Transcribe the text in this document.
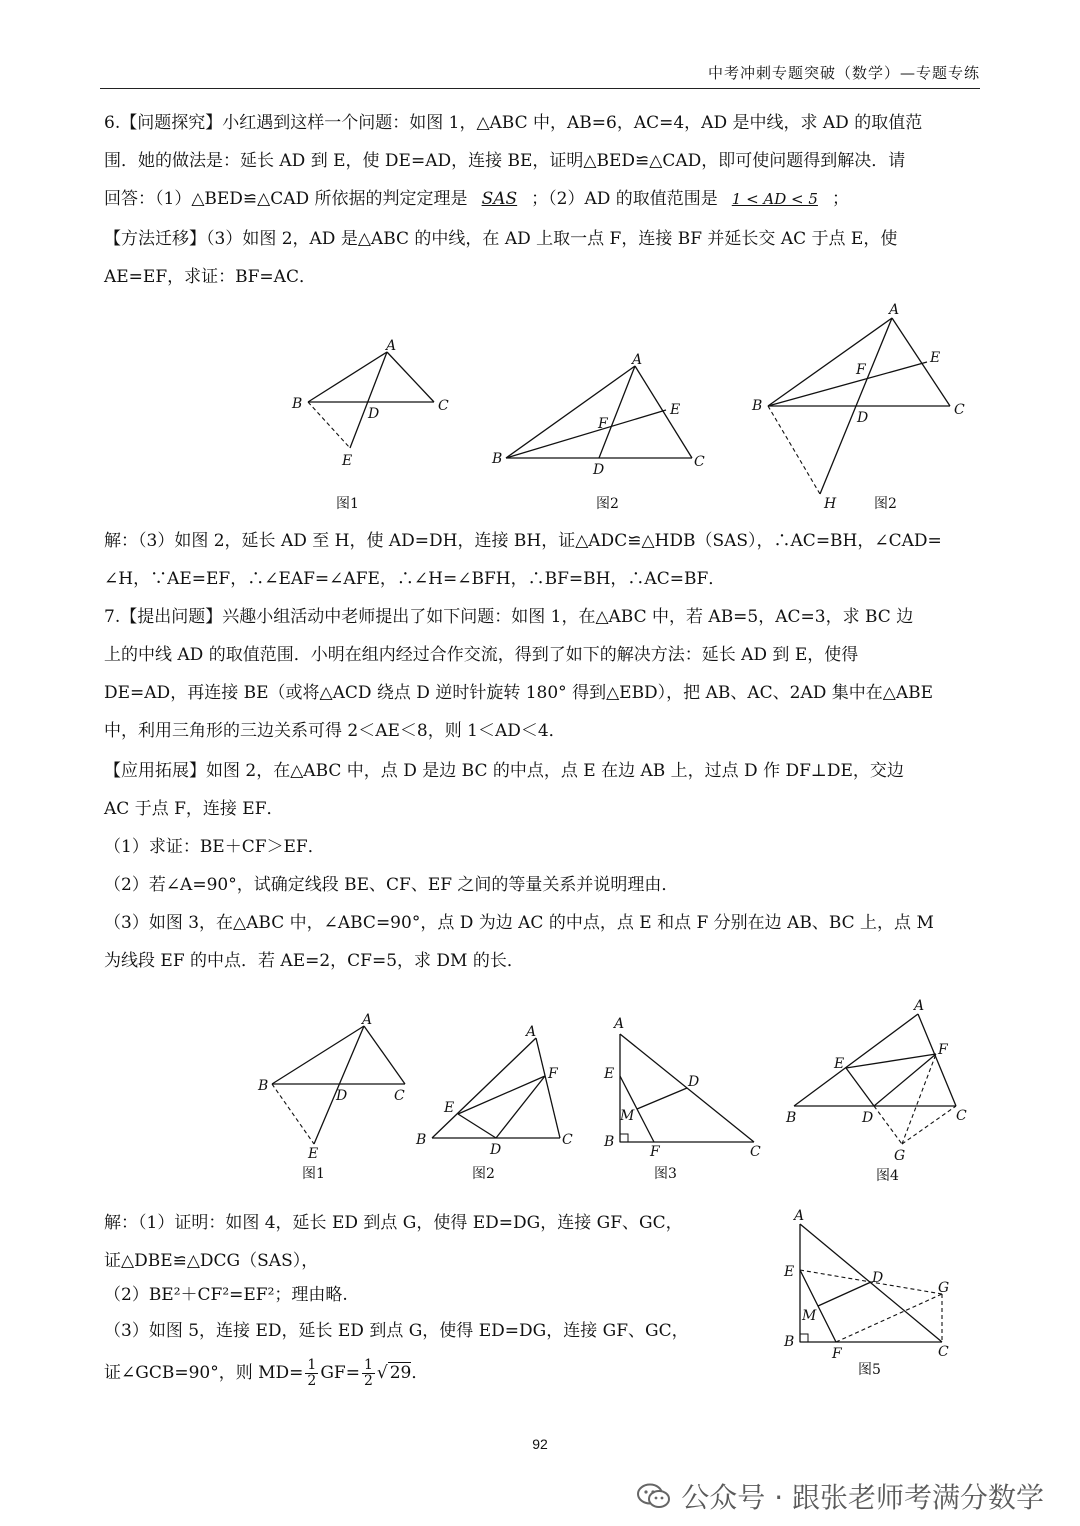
中考冲刺专题突破（数学）—专题专练
6.【问题探究】小红遇到这样一个问题：如图 1，△ABC 中，AB=6，AC=4，AD 是中线，求 AD 的取值范
围．她的做法是：延长 AD 到 E，使 DE=AD，连接 BE，证明△BED≌△CAD，即可使问题得到解决．请
回答：（1）△BED≌△CAD 所依据的判定定理是 SAS ；（2）AD 的取值范围是 1 < AD < 5 ；
【方法迁移】（3）如图 2，AD 是△ABC 的中线，在 AD 上取一点 F，连接 BF 并延长交 AC 于点 E，使
AE=EF，求证：BF=AC．
A
B	C
D
E
图1
A
B	C
D
E
F
图2
A
B	C
D
E
F
H	图2
解：（3）如图 2，延长 AD 至 H，使 AD=DH，连接 BH，证△ADC≌△HDB（SAS），∴AC=BH，∠CAD=
∠H，∵AE=EF，∴∠EAF=∠AFE，∴∠H=∠BFH，∴BF=BH，∴AC=BF．
7.【提出问题】兴趣小组活动中老师提出了如下问题：如图 1，在△ABC 中，若 AB=5，AC=3，求 BC 边
上的中线 AD 的取值范围．小明在组内经过合作交流，得到了如下的解决方法：延长 AD 到 E，使得
DE=AD，再连接 BE（或将△ACD 绕点 D 逆时针旋转 180° 得到△EBD），把 AB、AC、2AD 集中在△ABE
中，利用三角形的三边关系可得 2＜AE＜8，则 1＜AD＜4．
【应用拓展】如图 2，在△ABC 中，点 D 是边 BC 的中点，点 E 在边 AB 上，过点 D 作 DF⊥DE，交边
AC 于点 F，连接 EF．
（1）求证：BE＋CF＞EF．
（2）若∠A=90°，试确定线段 BE、CF、EF 之间的等量关系并说明理由．
（3）如图 3，在△ABC 中，∠ABC=90°，点 D 为边 AC 的中点，点 E 和点 F 分别在边 AB、BC 上，点 M
为线段 EF 的中点．若 AE=2，CF=5，求 DM 的长．
A
B
C
D
E
图1
A
B	C
D
E
F
图2
A
B
C
D
E
F
M
图3
A
B	C
D
E
F
G
图4
解：（1）证明：如图 4，延长 ED 到点 G，使得 ED=DG，连接 GF、GC，
证△DBE≌△DCG（SAS），
（2）BE²＋CF²=EF²；理由略.
（3）如图 5，连接 ED，延长 ED 到点 G，使得 ED=DG，连接 GF、GC，
证∠GCB=90°，则 $MD= \frac{1}{2} GF= \frac{1}{2}$ √ 29．
A
B
C
D
E
F
G
M
图5
92
公众号 · 跟张老师考满分数学
